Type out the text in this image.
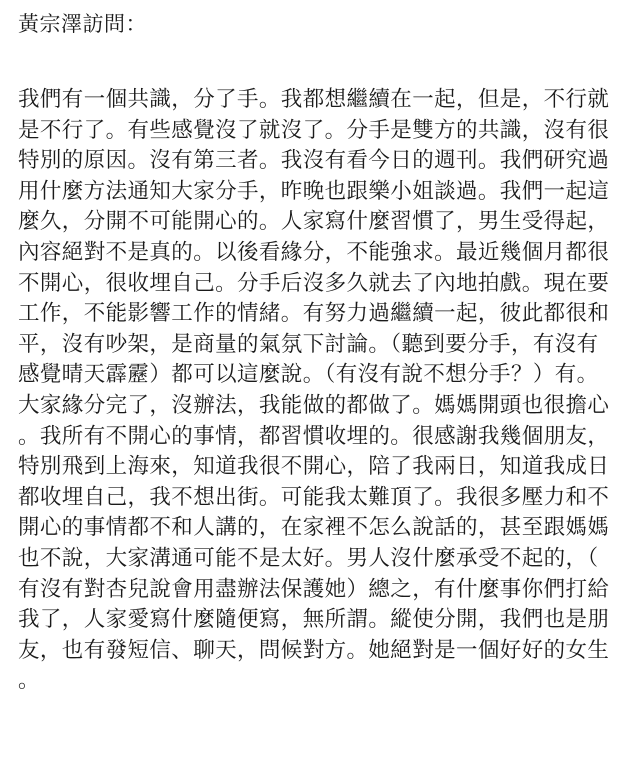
黃宗澤訪問：
我們有一個共識，分了手。我都想繼續在一起，但是，不行就
是不行了。有些感覺沒了就沒了。分手是雙方的共識，沒有很
特別的原因。沒有第三者。我沒有看今日的週刊。我們研究過
用什麼方法通知大家分手，昨晚也跟樂小姐談過。我們一起這
麼久，分開不可能開心的。人家寫什麼習慣了，男生受得起，
內容絕對不是真的。以後看緣分，不能強求。最近幾個月都很
不開心，很收埋自己。分手后沒多久就去了內地拍戲。現在要
工作，不能影響工作的情緒。有努力過繼續一起，彼此都很和
平，沒有吵架，是商量的氣氛下討論。（聽到要分手，有沒有
感覺晴天霹靂）都可以這麼說。（有沒有說不想分手？）有。
大家緣分完了，沒辦法，我能做的都做了。媽媽開頭也很擔心
。我所有不開心的事情，都習慣收埋的。很感謝我幾個朋友，
特別飛到上海來，知道我很不開心，陪了我兩日，知道我成日
都收埋自己，我不想出街。可能我太難頂了。我很多壓力和不
開心的事情都不和人講的，在家裡不怎么說話的，甚至跟媽媽
也不說，大家溝通可能不是太好。男人沒什麼承受不起的，（
有沒有對杏兒說會用盡辦法保護她）總之，有什麼事你們打給
我了，人家愛寫什麼隨便寫，無所謂。縱使分開，我們也是朋
友，也有發短信、聊天，問候對方。她絕對是一個好好的女生
。
